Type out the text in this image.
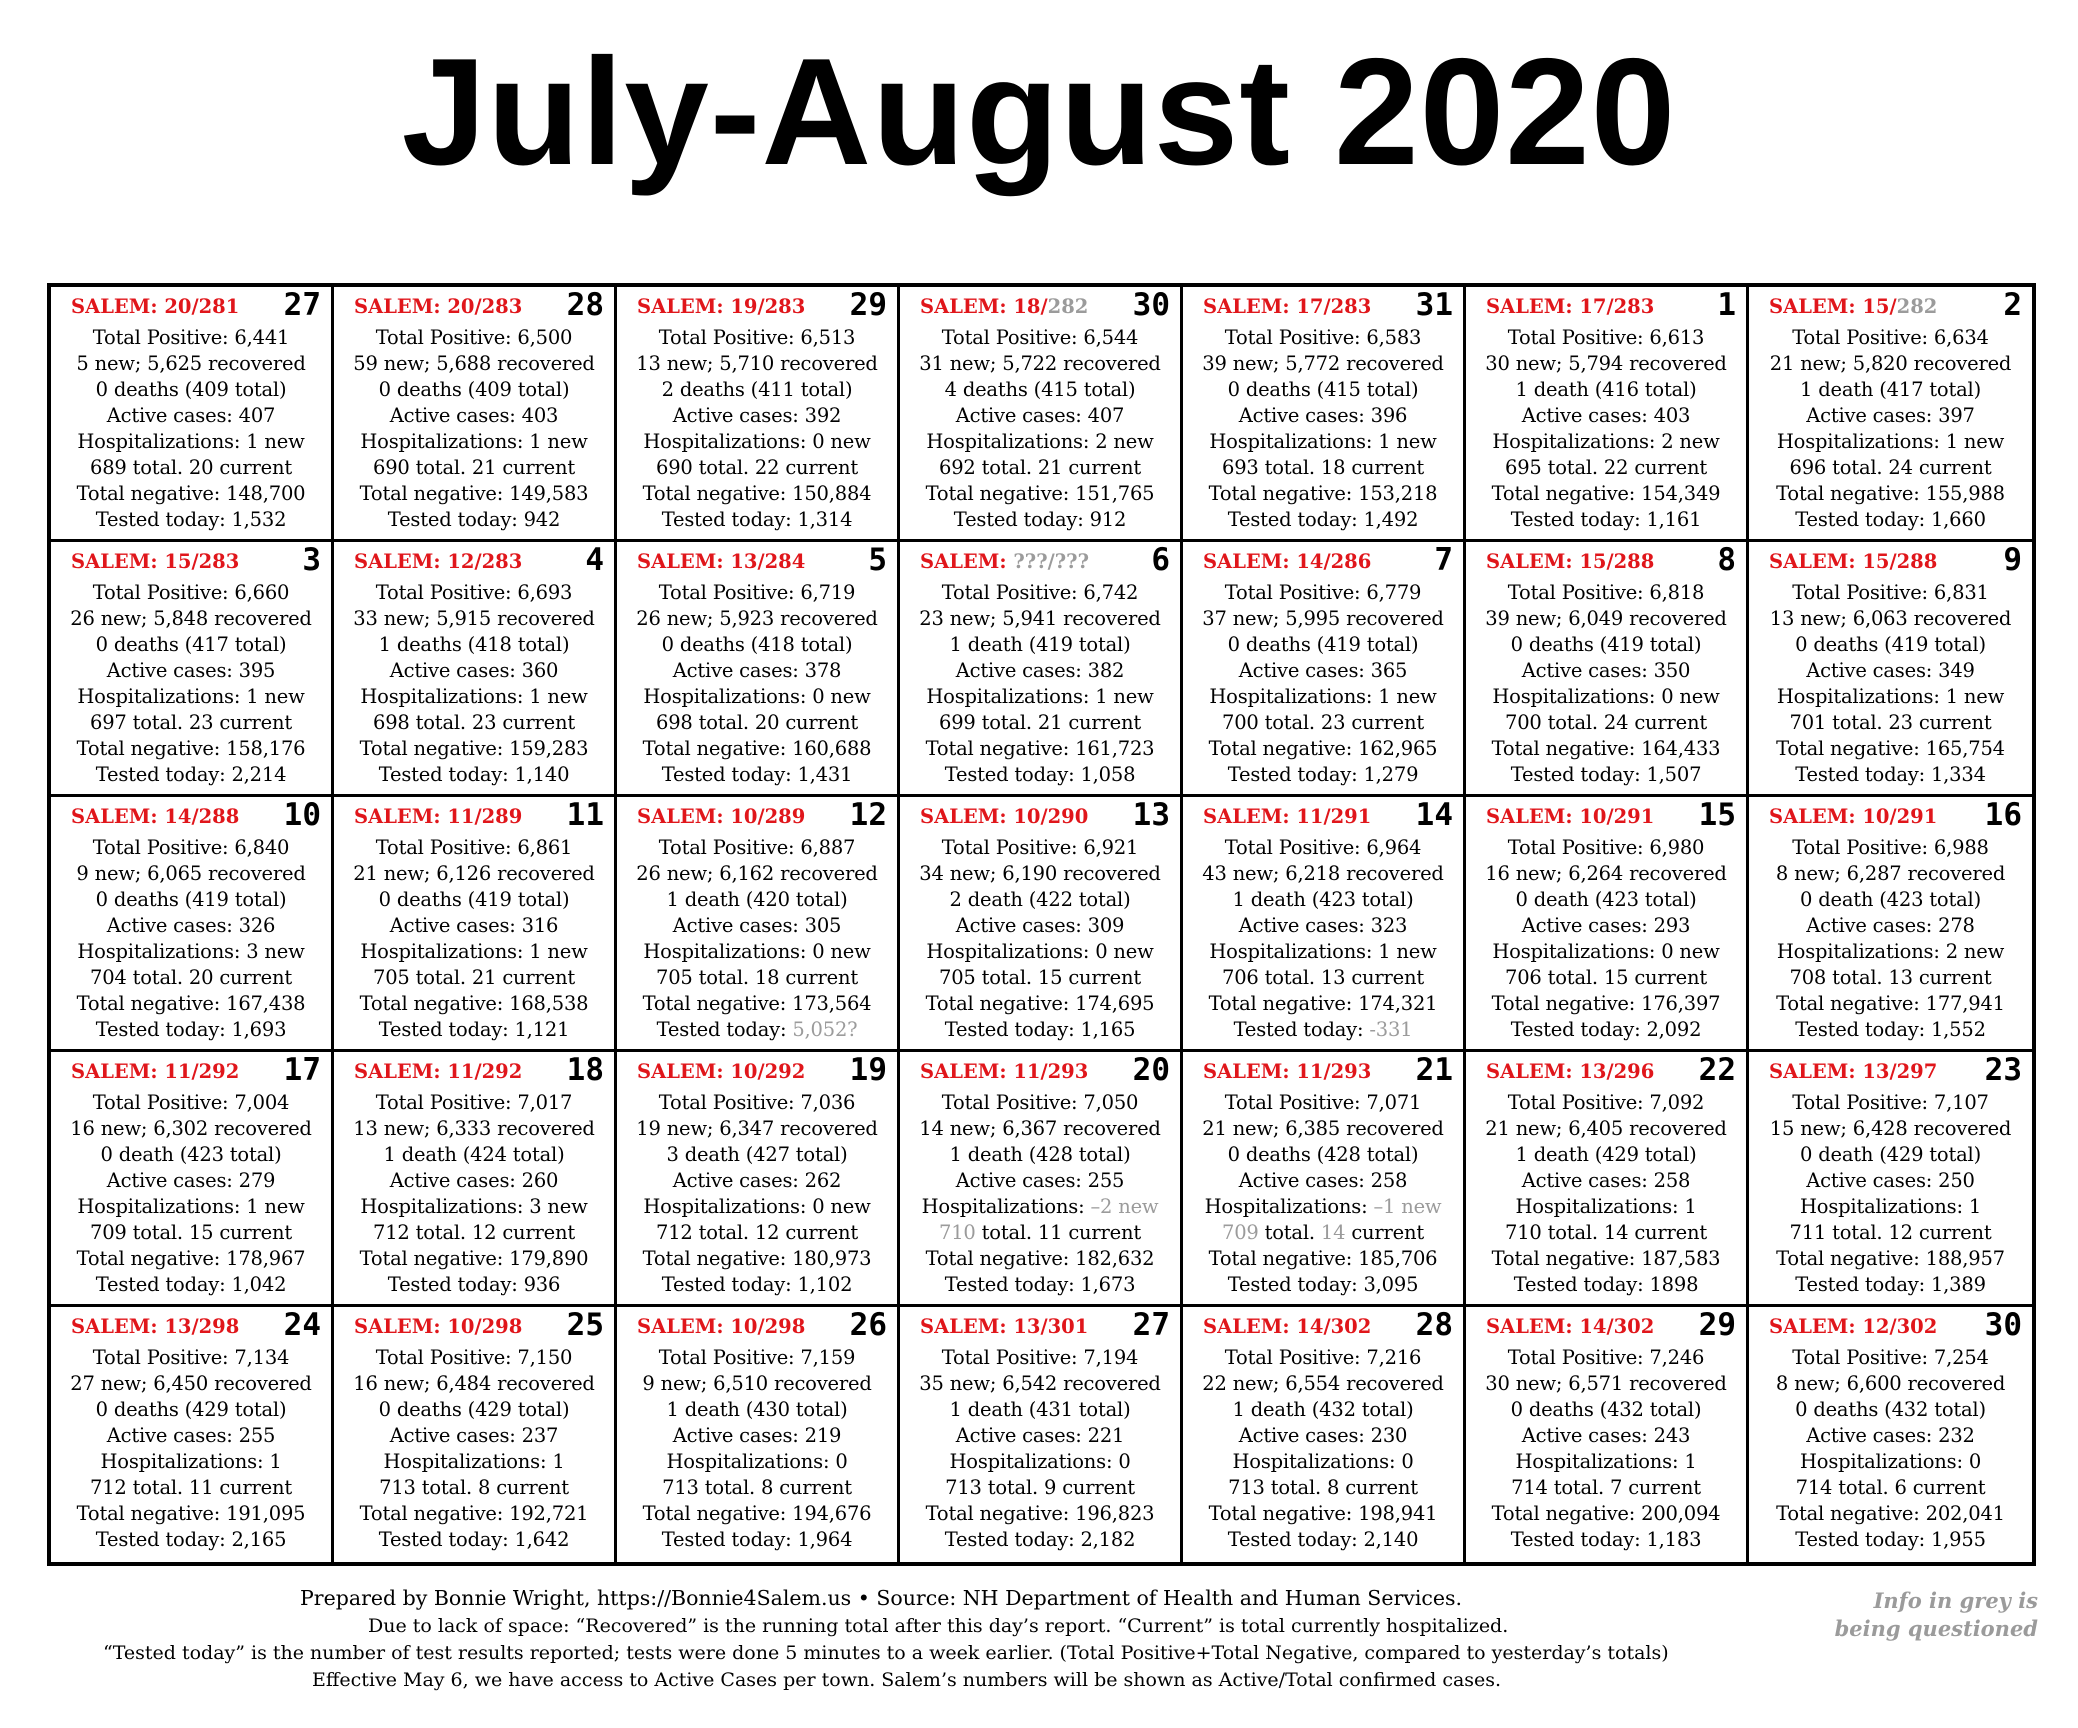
July-August 2020
SALEM: 20/281 27
Total Positive: 6,441
5 new; 5,625 recovered
0 deaths (409 total)
Active cases: 407
Hospitalizations: 1 new
689 total. 20 current
Total negative: 148,700
Tested today: 1,532
SALEM: 20/283 28
Total Positive: 6,500
59 new; 5,688 recovered
0 deaths (409 total)
Active cases: 403
Hospitalizations: 1 new
690 total. 21 current
Total negative: 149,583
Tested today: 942
SALEM: 19/283 29
Total Positive: 6,513
13 new; 5,710 recovered
2 deaths (411 total)
Active cases: 392
Hospitalizations: 0 new
690 total. 22 current
Total negative: 150,884
Tested today: 1,314
SALEM: 18/282 30
Total Positive: 6,544
31 new; 5,722 recovered
4 deaths (415 total)
Active cases: 407
Hospitalizations: 2 new
692 total. 21 current
Total negative: 151,765
Tested today: 912
SALEM: 17/283 31
Total Positive: 6,583
39 new; 5,772 recovered
0 deaths (415 total)
Active cases: 396
Hospitalizations: 1 new
693 total. 18 current
Total negative: 153,218
Tested today: 1,492
SALEM: 17/283 1
Total Positive: 6,613
30 new; 5,794 recovered
1 death (416 total)
Active cases: 403
Hospitalizations: 2 new
695 total. 22 current
Total negative: 154,349
Tested today: 1,161
SALEM: 15/282 2
Total Positive: 6,634
21 new; 5,820 recovered
1 death (417 total)
Active cases: 397
Hospitalizations: 1 new
696 total. 24 current
Total negative: 155,988
Tested today: 1,660
SALEM: 15/283 3
Total Positive: 6,660
26 new; 5,848 recovered
0 deaths (417 total)
Active cases: 395
Hospitalizations: 1 new
697 total. 23 current
Total negative: 158,176
Tested today: 2,214
SALEM: 12/283 4
Total Positive: 6,693
33 new; 5,915 recovered
1 deaths (418 total)
Active cases: 360
Hospitalizations: 1 new
698 total. 23 current
Total negative: 159,283
Tested today: 1,140
SALEM: 13/284 5
Total Positive: 6,719
26 new; 5,923 recovered
0 deaths (418 total)
Active cases: 378
Hospitalizations: 0 new
698 total. 20 current
Total negative: 160,688
Tested today: 1,431
SALEM: ???/??? 6
Total Positive: 6,742
23 new; 5,941 recovered
1 death (419 total)
Active cases: 382
Hospitalizations: 1 new
699 total. 21 current
Total negative: 161,723
Tested today: 1,058
SALEM: 14/286 7
Total Positive: 6,779
37 new; 5,995 recovered
0 deaths (419 total)
Active cases: 365
Hospitalizations: 1 new
700 total. 23 current
Total negative: 162,965
Tested today: 1,279
SALEM: 15/288 8
Total Positive: 6,818
39 new; 6,049 recovered
0 deaths (419 total)
Active cases: 350
Hospitalizations: 0 new
700 total. 24 current
Total negative: 164,433
Tested today: 1,507
SALEM: 15/288 9
Total Positive: 6,831
13 new; 6,063 recovered
0 deaths (419 total)
Active cases: 349
Hospitalizations: 1 new
701 total. 23 current
Total negative: 165,754
Tested today: 1,334
SALEM: 14/288 10
Total Positive: 6,840
9 new; 6,065 recovered
0 deaths (419 total)
Active cases: 326
Hospitalizations: 3 new
704 total. 20 current
Total negative: 167,438
Tested today: 1,693
SALEM: 11/289 11
Total Positive: 6,861
21 new; 6,126 recovered
0 deaths (419 total)
Active cases: 316
Hospitalizations: 1 new
705 total. 21 current
Total negative: 168,538
Tested today: 1,121
SALEM: 10/289 12
Total Positive: 6,887
26 new; 6,162 recovered
1 death (420 total)
Active cases: 305
Hospitalizations: 0 new
705 total. 18 current
Total negative: 173,564
Tested today: 5,052?
SALEM: 10/290 13
Total Positive: 6,921
34 new; 6,190 recovered
2 death (422 total)
Active cases: 309
Hospitalizations: 0 new
705 total. 15 current
Total negative: 174,695
Tested today: 1,165
SALEM: 11/291 14
Total Positive: 6,964
43 new; 6,218 recovered
1 death (423 total)
Active cases: 323
Hospitalizations: 1 new
706 total. 13 current
Total negative: 174,321
Tested today: -331
SALEM: 10/291 15
Total Positive: 6,980
16 new; 6,264 recovered
0 death (423 total)
Active cases: 293
Hospitalizations: 0 new
706 total. 15 current
Total negative: 176,397
Tested today: 2,092
SALEM: 10/291 16
Total Positive: 6,988
8 new; 6,287 recovered
0 death (423 total)
Active cases: 278
Hospitalizations: 2 new
708 total. 13 current
Total negative: 177,941
Tested today: 1,552
SALEM: 11/292 17
Total Positive: 7,004
16 new; 6,302 recovered
0 death (423 total)
Active cases: 279
Hospitalizations: 1 new
709 total. 15 current
Total negative: 178,967
Tested today: 1,042
SALEM: 11/292 18
Total Positive: 7,017
13 new; 6,333 recovered
1 death (424 total)
Active cases: 260
Hospitalizations: 3 new
712 total. 12 current
Total negative: 179,890
Tested today: 936
SALEM: 10/292 19
Total Positive: 7,036
19 new; 6,347 recovered
3 death (427 total)
Active cases: 262
Hospitalizations: 0 new
712 total. 12 current
Total negative: 180,973
Tested today: 1,102
SALEM: 11/293 20
Total Positive: 7,050
14 new; 6,367 recovered
1 death (428 total)
Active cases: 255
Hospitalizations: –2 new
710 total. 11 current
Total negative: 182,632
Tested today: 1,673
SALEM: 11/293 21
Total Positive: 7,071
21 new; 6,385 recovered
0 deaths (428 total)
Active cases: 258
Hospitalizations: –1 new
709 total. 14 current
Total negative: 185,706
Tested today: 3,095
SALEM: 13/296 22
Total Positive: 7,092
21 new; 6,405 recovered
1 death (429 total)
Active cases: 258
Hospitalizations: 1
710 total. 14 current
Total negative: 187,583
Tested today: 1898
SALEM: 13/297 23
Total Positive: 7,107
15 new; 6,428 recovered
0 death (429 total)
Active cases: 250
Hospitalizations: 1
711 total. 12 current
Total negative: 188,957
Tested today: 1,389
SALEM: 13/298 24
Total Positive: 7,134
27 new; 6,450 recovered
0 deaths (429 total)
Active cases: 255
Hospitalizations: 1
712 total. 11 current
Total negative: 191,095
Tested today: 2,165
SALEM: 10/298 25
Total Positive: 7,150
16 new; 6,484 recovered
0 deaths (429 total)
Active cases: 237
Hospitalizations: 1
713 total. 8 current
Total negative: 192,721
Tested today: 1,642
SALEM: 10/298 26
Total Positive: 7,159
9 new; 6,510 recovered
1 death (430 total)
Active cases: 219
Hospitalizations: 0
713 total. 8 current
Total negative: 194,676
Tested today: 1,964
SALEM: 13/301 27
Total Positive: 7,194
35 new; 6,542 recovered
1 death (431 total)
Active cases: 221
Hospitalizations: 0
713 total. 9 current
Total negative: 196,823
Tested today: 2,182
SALEM: 14/302 28
Total Positive: 7,216
22 new; 6,554 recovered
1 death (432 total)
Active cases: 230
Hospitalizations: 0
713 total. 8 current
Total negative: 198,941
Tested today: 2,140
SALEM: 14/302 29
Total Positive: 7,246
30 new; 6,571 recovered
0 deaths (432 total)
Active cases: 243
Hospitalizations: 1
714 total. 7 current
Total negative: 200,094
Tested today: 1,183
SALEM: 12/302 30
Total Positive: 7,254
8 new; 6,600 recovered
0 deaths (432 total)
Active cases: 232
Hospitalizations: 0
714 total. 6 current
Total negative: 202,041
Tested today: 1,955
Prepared by Bonnie Wright, https://Bonnie4Salem.us • Source: NH Department of Health and Human Services.
Due to lack of space: “Recovered” is the running total after this day’s report. “Current” is total currently hospitalized.
“Tested today” is the number of test results reported; tests were done 5 minutes to a week earlier. (Total Positive+Total Negative, compared to yesterday’s totals)
Effective May 6, we have access to Active Cases per town. Salem’s numbers will be shown as Active/Total confirmed cases.
Info in grey is
being questioned
